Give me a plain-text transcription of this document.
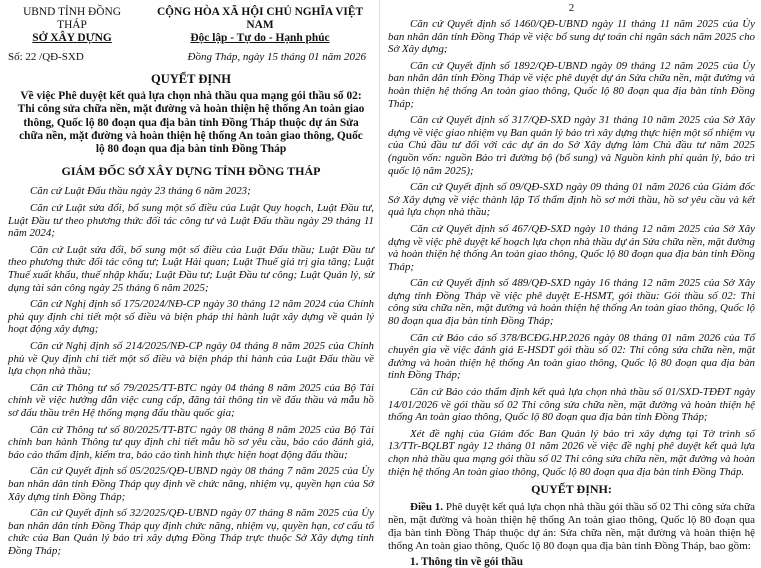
UBND TỈNH ĐỒNG THÁP
SỞ XÂY DỰNG
CỘNG HÒA XÃ HỘI CHỦ NGHĨA VIỆT NAM
Độc lập - Tự do - Hạnh phúc
Số: 22 /QĐ-SXD	Đồng Tháp, ngày 15 tháng 01 năm 2026
QUYẾT ĐỊNH
Về việc Phê duyệt kết quả lựa chọn nhà thầu qua mạng gói thầu số 02: Thi công sửa chữa nền, mặt đường và hoàn thiện hệ thống An toàn giao thông, Quốc lộ 80 đoạn qua địa bàn tỉnh Đồng Tháp thuộc dự án Sửa chữa nền, mặt đường và hoàn thiện hệ thống An toàn giao thông, Quốc lộ 80 đoạn qua địa bàn tỉnh Đồng Tháp
GIÁM ĐỐC SỞ XÂY DỰNG TỈNH ĐỒNG THÁP

Căn cứ Luật Đấu thầu ngày 23 tháng 6 năm 2023;

Căn cứ Luật sửa đổi, bổ sung một số điều của Luật Quy hoạch, Luật Đầu tư, Luật Đầu tư theo phương thức đối tác công tư và Luật Đấu thầu ngày 29 tháng 11 năm 2024;

Căn cứ Luật sửa đổi, bổ sung một số điều của Luật Đấu thầu; Luật Đầu tư theo phương thức đối tác công tư; Luật Hải quan; Luật Thuế giá trị gia tăng; Luật Thuế xuất khẩu, thuế nhập khẩu; Luật Đầu tư; Luật Đầu tư công; Luật Quản lý, sử dụng tài sản công ngày 25 tháng 6 năm 2025;

Căn cứ Nghị định số 175/2024/NĐ-CP ngày 30 tháng 12 năm 2024 của Chính phủ quy định chi tiết một số điều và biện pháp thi hành luật xây dựng về quản lý hoạt động xây dựng;

Căn cứ Nghị định số 214/2025/NĐ-CP ngày 04 tháng 8 năm 2025 của Chính phủ về Quy định chi tiết một số điều và biện pháp thi hành của Luật Đấu thầu về lựa chọn nhà thầu;

Căn cứ Thông tư số 79/2025/TT-BTC ngày 04 tháng 8 năm 2025 của Bộ Tài chính về việc hướng dẫn việc cung cấp, đăng tải thông tin về đấu thầu và mẫu hồ sơ đấu thầu trên Hệ thống mạng đấu thầu quốc gia;

Căn cứ Thông tư số 80/2025/TT-BTC ngày 08 tháng 8 năm 2025 của Bộ Tài chính ban hành Thông tư quy định chi tiết mẫu hồ sơ yêu cầu, báo cáo đánh giá, báo cáo thẩm định, kiểm tra, báo cáo tình hình thực hiện hoạt động đấu thầu;

Căn cứ Quyết định số 05/2025/QĐ-UBND ngày 08 tháng 7 năm 2025 của Ủy ban nhân dân tỉnh Đồng Tháp quy định về chức năng, nhiệm vụ, quyền hạn của Sở Xây dựng tỉnh Đồng Tháp;

Căn cứ Quyết định số 32/2025/QĐ-UBND ngày 07 tháng 8 năm 2025 của Ủy ban nhân dân tỉnh Đồng Tháp quy định chức năng, nhiệm vụ, quyền hạn, cơ cấu tổ chức của Ban Quản lý bảo trì xây dựng Đồng Tháp trực thuộc Sở Xây dựng tỉnh Đồng Tháp;

2

Căn cứ Quyết định số 1460/QĐ-UBND ngày 11 tháng 11 năm 2025 của Ủy ban nhân dân tỉnh Đồng Tháp về việc bổ sung dự toán chi ngân sách năm 2025 cho Sở Xây dựng;

Căn cứ Quyết định số 1892/QĐ-UBND ngày 09 tháng 12 năm 2025 của Ủy ban nhân dân tỉnh Đồng Tháp về việc phê duyệt dự án Sửa chữa nền, mặt đường và hoàn thiện hệ thống An toàn giao thông, Quốc lộ 80 đoạn qua địa bàn tỉnh Đồng Tháp;

Căn cứ Quyết định số 317/QĐ-SXD ngày 31 tháng 10 năm 2025 của Sở Xây dựng về việc giao nhiệm vụ Ban quản lý bảo trì xây dựng thực hiện một số nhiệm vụ của Chủ đầu tư đối với các dự án do Sở Xây dựng làm Chủ đầu tư năm 2025 (nguồn vốn: nguồn Bảo trì đường bộ (bổ sung) và Nguồn kinh phí quản lý, bảo trì quốc lộ năm 2025);

Căn cứ Quyết định số 09/QĐ-SXD ngày 09 tháng 01 năm 2026 của Giám đốc Sở Xây dựng về việc thành lập Tổ thẩm định hồ sơ mời thầu, hồ sơ yêu cầu và kết quả lựa chọn nhà thầu;

Căn cứ Quyết định số 467/QĐ-SXD ngày 10 tháng 12 năm 2025 của Sở Xây dựng về việc phê duyệt kế hoạch lựa chọn nhà thầu dự án Sửa chữa nền, mặt đường và hoàn thiện hệ thống An toàn giao thông, Quốc lộ 80 đoạn qua địa bàn tỉnh Đồng Tháp;

Căn cứ Quyết định số 489/QĐ-SXD ngày 16 tháng 12 năm 2025 của Sở Xây dựng tỉnh Đồng Tháp về việc phê duyệt E-HSMT, gói thầu: Gói thầu số 02: Thi công sửa chữa nền, mặt đường và hoàn thiện hệ thống An toàn giao thông, Quốc lộ 80 đoạn qua địa bàn tỉnh Đồng Tháp;

Căn cứ Báo cáo số 378/BCĐG.HP.2026 ngày 08 tháng 01 năm 2026 của Tổ chuyên gia về việc đánh giá E-HSDT gói thầu số 02: Thi công sửa chữa nền, mặt đường và hoàn thiện hệ thống An toàn giao thông, Quốc lộ 80 đoạn qua địa bàn tỉnh Đồng Tháp;

Căn cứ Báo cáo thẩm định kết quả lựa chọn nhà thầu số 01/SXD-TĐĐT ngày 14/01/2026 về gói thầu số 02 Thi công sửa chữa nền, mặt đường và hoàn thiện hệ thống An toàn giao thông, Quốc lộ 80 đoạn qua địa bàn tỉnh Đồng Tháp;

Xét đề nghị của Giám đốc Ban Quản lý bảo trì xây dựng tại Tờ trình số 13/TTr-BQLBT ngày 12 tháng 01 năm 2026 về việc đề nghị phê duyệt kết quả lựa chọn nhà thầu qua mạng gói thầu số 02 Thi công sửa chữa nền, mặt đường và hoàn thiện hệ thống An toàn giao thông, Quốc lộ 80 đoạn qua địa bàn tỉnh Đồng Tháp.

QUYẾT ĐỊNH:

Điều 1. Phê duyệt kết quả lựa chọn nhà thầu gói thầu số 02 Thi công sửa chữa nền, mặt đường và hoàn thiện hệ thống An toàn giao thông, Quốc lộ 80 đoạn qua địa bàn tỉnh Đồng Tháp thuộc dự án: Sửa chữa nền, mặt đường và hoàn thiện hệ thống An toàn giao thông, Quốc lộ 80 đoạn qua địa bàn tỉnh Đồng Tháp, bao gồm:

1. Thông tin về gói thầu
